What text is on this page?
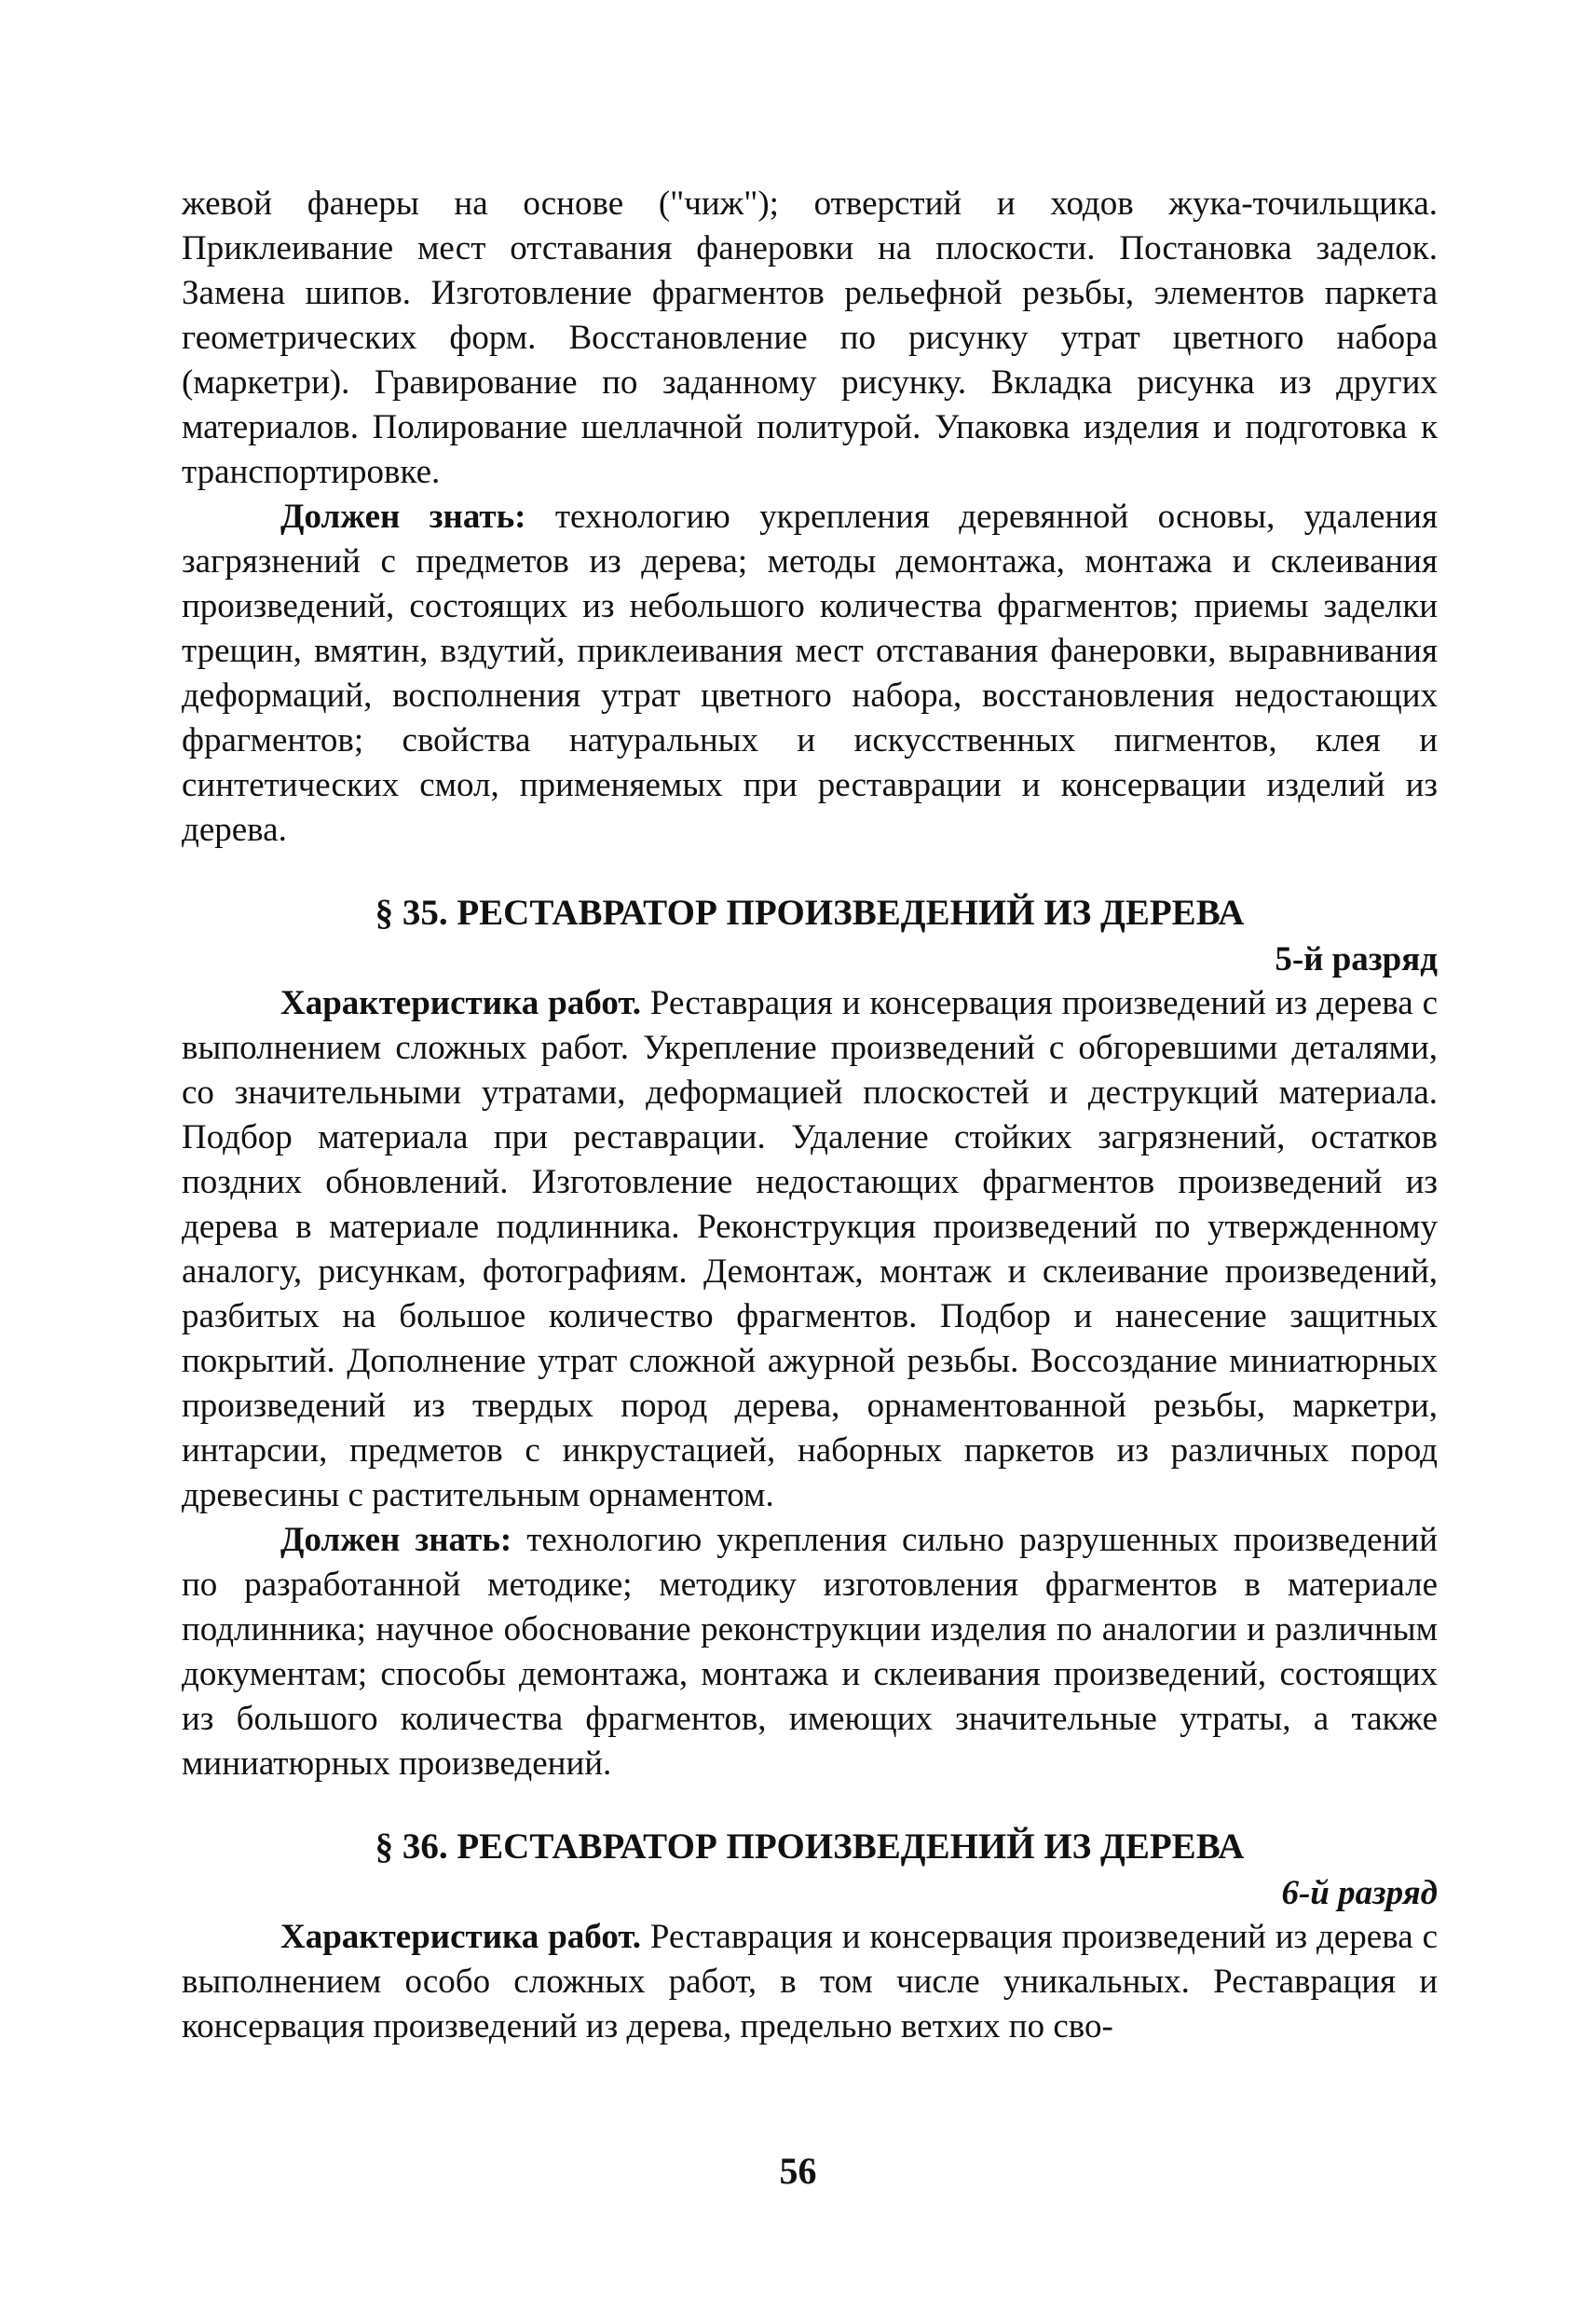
жевой фанеры на основе ("чиж"); отверстий и ходов жука-точильщика. Приклеивание мест отставания фанеровки на плоскости. Постановка заделок. Замена шипов. Изготовление фрагментов рельефной резьбы, элементов паркета геометрических форм. Восстановление по рисунку утрат цветного набора (маркетри). Гравирование по заданному рисунку. Вкладка рисунка из других материалов. Полирование шеллачной политурой. Упаковка изделия и подготовка к транспортировке.

Должен знать: технологию укрепления деревянной основы, удаления загрязнений с предметов из дерева; методы демонтажа, монтажа и склеивания произведений, состоящих из небольшого количества фрагментов; приемы заделки трещин, вмятин, вздутий, приклеивания мест отставания фанеровки, выравнивания деформаций, восполнения утрат цветного набора, восстановления недостающих фрагментов; свойства натуральных и искусственных пигментов, клея и синтетических смол, применяемых при реставрации и консервации изделий из дерева.

§ 35. РЕСТАВРАТОР ПРОИЗВЕДЕНИЙ ИЗ ДЕРЕВА

5-й разряд

Характеристика работ. Реставрация и консервация произведений из дерева с выполнением сложных работ. Укрепление произведений с обгоревшими деталями, со значительными утратами, деформацией плоскостей и деструкций материала. Подбор материала при реставрации. Удаление стойких загрязнений, остатков поздних обновлений. Изготовление недостающих фрагментов произведений из дерева в материале подлинника. Реконструкция произведений по утвержденному аналогу, рисункам, фотографиям. Демонтаж, монтаж и склеивание произведений, разбитых на большое количество фрагментов. Подбор и нанесение защитных покрытий. Дополнение утрат сложной ажурной резьбы. Воссоздание миниатюрных произведений из твердых пород дерева, орнаментованной резьбы, маркетри, интарсии, предметов с инкрустацией, наборных паркетов из различных пород древесины с растительным орнаментом.

Должен знать: технологию укрепления сильно разрушенных произведений по разработанной методике; методику изготовления фрагментов в материале подлинника; научное обоснование реконструкции изделия по аналогии и различным документам; способы демонтажа, монтажа и склеивания произведений, состоящих из большого количества фрагментов, имеющих значительные утраты, а также миниатюрных произведений.

§ 36. РЕСТАВРАТОР ПРОИЗВЕДЕНИЙ ИЗ ДЕРЕВА

6-й разряд

Характеристика работ. Реставрация и консервация произведений из дерева с выполнением особо сложных работ, в том числе уникальных. Реставрация и консервация произведений из дерева, предельно ветхих по сво-

56
